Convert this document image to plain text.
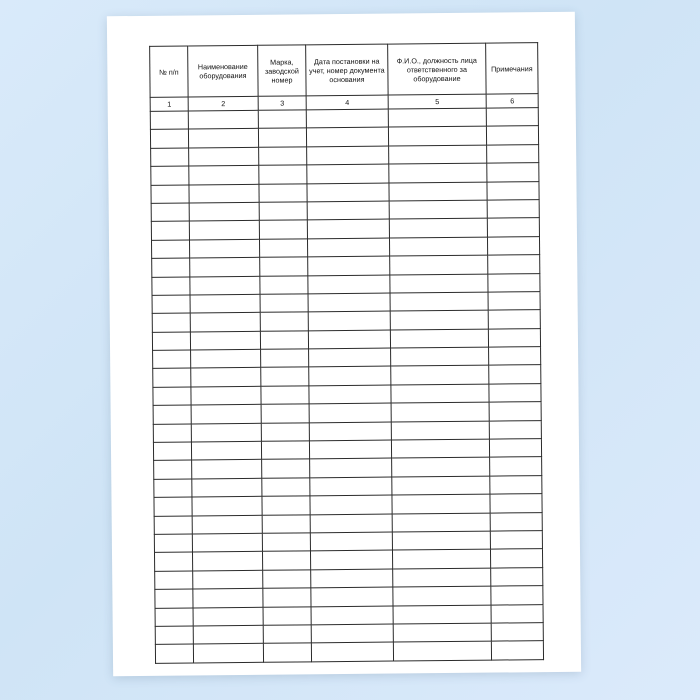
№ п/п	Наименование оборудования	Марка, заводской номер	Дата постановки на учет, номер документа основания	Ф.И.О., должность лица ответственного за оборудование	Примечания
1	2	3	4	5	6
